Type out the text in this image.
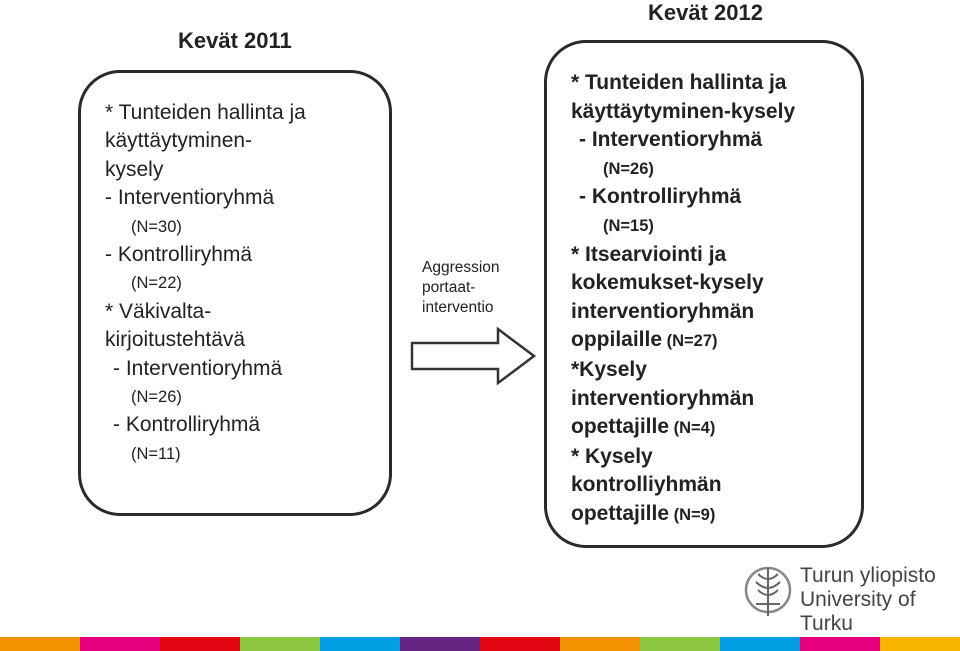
Kevät 2011
Kevät 2012
* Tunteiden hallinta ja
käyttäytyminen-
kysely
- Interventioryhmä
(N=30)
- Kontrolliryhmä
(N=22)
* Väkivalta-
kirjoitustehtävä
- Interventioryhmä
(N=26)
- Kontrolliryhmä
(N=11)
Aggression
portaat-
interventio
* Tunteiden hallinta ja
käyttäytyminen-kysely
- Interventioryhmä
(N=26)
- Kontrolliryhmä
(N=15)
* Itsearviointi ja
kokemukset-kysely
interventioryhmän
oppilaille (N=27)
*Kysely
interventioryhmän
opettajille (N=4)
* Kysely
kontrolliyhmän
opettajille (N=9)
Turun yliopisto
University of Turku
